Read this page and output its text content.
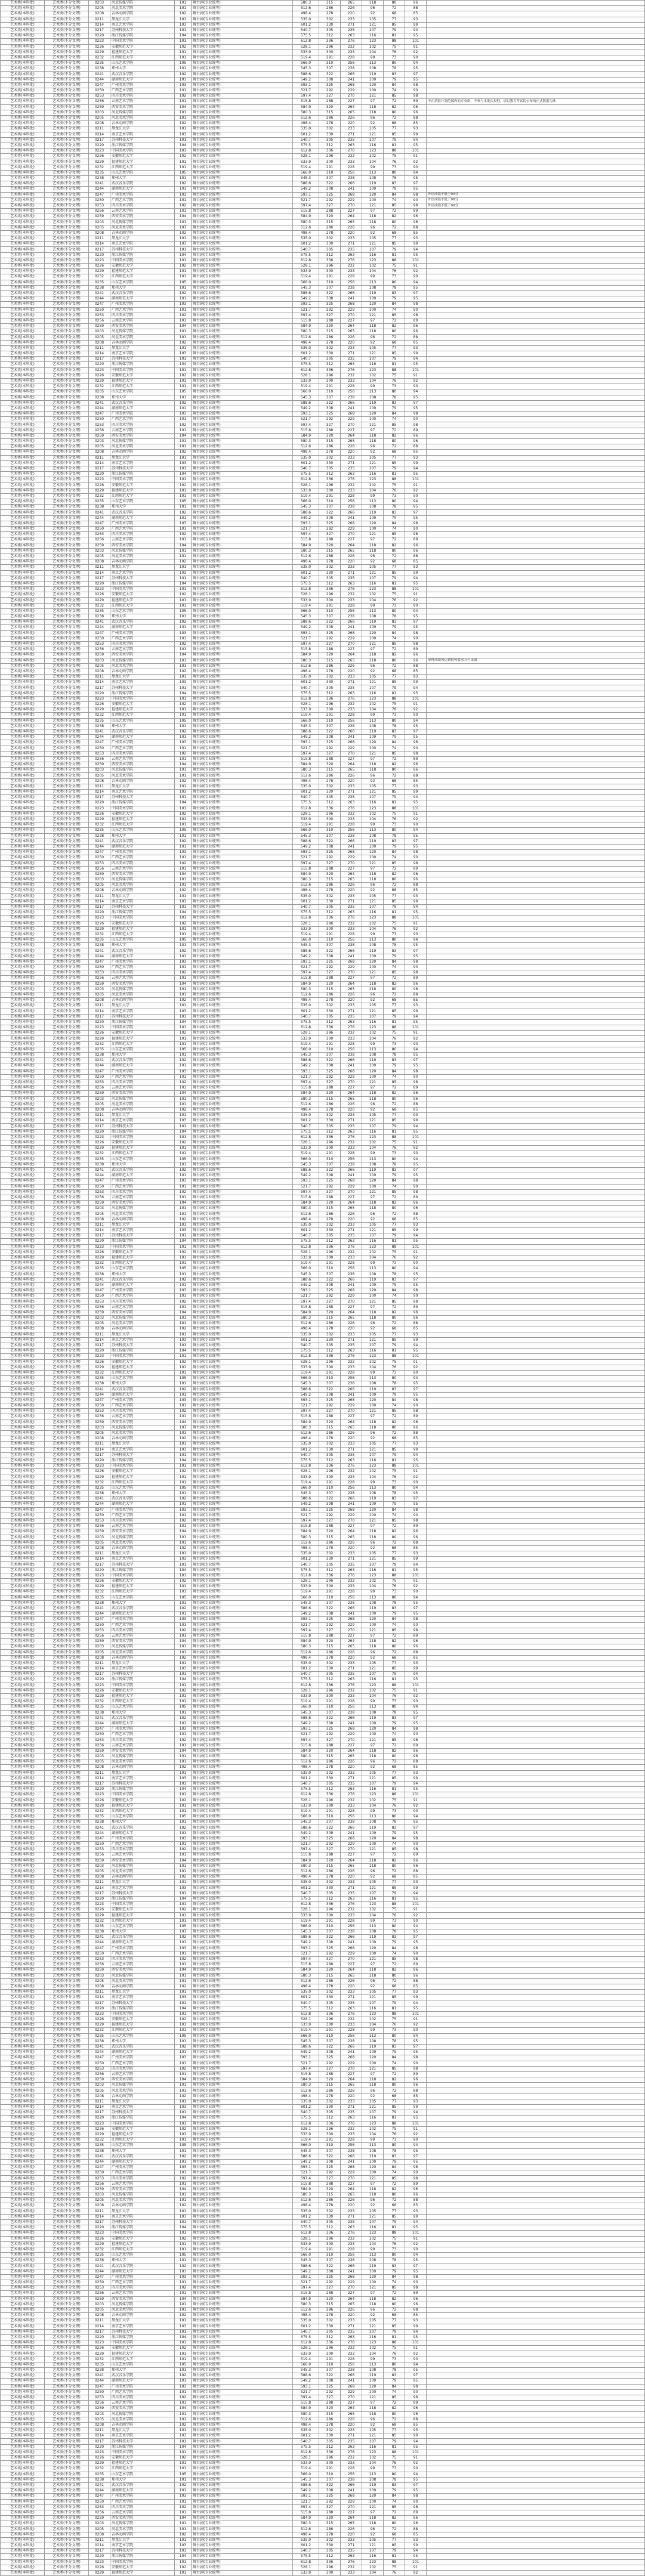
艺术类(本科批)	艺术类(不分文理)	0203	河北传媒学院	101	舞台剧(专业统考)	580.3	315	265	118	80	96	
艺术类(本科批)	艺术类(不分文理)	0205	河北美术学院	101	舞台剧(专业统考)	512.6	286	226	96	72	88	
艺术类(本科批)	艺术类(不分文理)	0208	吉林动画学院	102	舞台剧(专业统考)	498.4	278	220	92	68	85	
艺术类(本科批)	艺术类(不分文理)	0211	黑龙江大学	101	舞台剧(专业统考)	535.0	302	233	105	77	93	
艺术类(本科批)	艺术类(不分文理)	0214	南京艺术学院	103	舞台剧(专业统考)	601.2	330	271	121	85	99	
艺术类(本科批)	艺术类(不分文理)	0217	苏州科技大学	101	舞台剧(专业统考)	540.7	305	235	107	79	94	
艺术类(本科批)	艺术类(不分文理)	0220	浙江传媒学院	104	舞台剧(专业统考)	575.5	312	263	116	81	95	
艺术类(本科批)	艺术类(不分文理)	0223	中国美术学院	101	舞台剧(专业统考)	612.8	336	276	123	88	101	
艺术类(本科批)	艺术类(不分文理)	0226	安徽师范大学	102	舞台剧(专业统考)	528.1	296	232	102	75	91	
艺术类(本科批)	艺术类(不分文理)	0229	福建师范大学	101	舞台剧(专业统考)	533.9	300	233	104	76	92	
艺术类(本科批)	艺术类(不分文理)	0232	江西师范大学	101	舞台剧(专业统考)	519.4	291	228	99	73	90	
艺术类(本科批)	艺术类(不分文理)	0235	山东艺术学院	105	舞台剧(专业统考)	566.0	310	256	113	80	94	
艺术类(本科批)	艺术类(不分文理)	0238	郑州大学	101	舞台剧(专业统考)	545.3	307	238	108	78	95	
艺术类(本科批)	艺术类(不分文理)	0241	武汉音乐学院	102	舞台剧(专业统考)	588.6	322	266	119	83	97	
艺术类(本科批)	艺术类(不分文理)	0244	湖南师范大学	101	舞台剧(专业统考)	549.2	308	241	109	79	95	
艺术类(本科批)	艺术类(不分文理)	0247	广州美术学院	103	舞台剧(专业统考)	593.1	325	268	120	84	98	
艺术类(本科批)	艺术类(不分文理)	0250	广西艺术学院	101	舞台剧(专业统考)	521.7	292	229	100	74	90	
艺术类(本科批)	艺术类(不分文理)	0253	四川美术学院	102	舞台剧(专业统考)	597.4	327	270	121	85	98	
艺术类(本科批)	艺术类(不分文理)	0256	云南艺术学院	101	舞台剧(专业统考)	515.8	288	227	97	72	89	不在填报计划范围内的专业组，不参与本批次投档，请以教育考试院公布的正式数据为准
艺术类(本科批)	艺术类(不分文理)	0259	西安美术学院	104	舞台剧(专业统考)	584.9	320	264	118	82	96	
艺术类(本科批)	艺术类(不分文理)	0203	河北传媒学院	101	舞台剧(专业统考)	580.3	315	265	118	80	96	
艺术类(本科批)	艺术类(不分文理)	0205	河北美术学院	101	舞台剧(专业统考)	512.6	286	226	96	72	88	
艺术类(本科批)	艺术类(不分文理)	0208	吉林动画学院	102	舞台剧(专业统考)	498.4	278	220	92	68	85	
艺术类(本科批)	艺术类(不分文理)	0211	黑龙江大学	101	舞台剧(专业统考)	535.0	302	233	105	77	93	
艺术类(本科批)	艺术类(不分文理)	0214	南京艺术学院	103	舞台剧(专业统考)	601.2	330	271	121	85	99	
艺术类(本科批)	艺术类(不分文理)	0217	苏州科技大学	101	舞台剧(专业统考)	540.7	305	235	107	79	94	
艺术类(本科批)	艺术类(不分文理)	0220	浙江传媒学院	104	舞台剧(专业统考)	575.5	312	263	116	81	95	
艺术类(本科批)	艺术类(不分文理)	0223	中国美术学院	101	舞台剧(专业统考)	612.8	336	276	123	88	101	
艺术类(本科批)	艺术类(不分文理)	0226	安徽师范大学	102	舞台剧(专业统考)	528.1	296	232	102	75	91	
艺术类(本科批)	艺术类(不分文理)	0229	福建师范大学	101	舞台剧(专业统考)	533.9	300	233	104	76	92	
艺术类(本科批)	艺术类(不分文理)	0232	江西师范大学	101	舞台剧(专业统考)	519.4	291	228	99	73	90	
艺术类(本科批)	艺术类(不分文理)	0235	山东艺术学院	105	舞台剧(专业统考)	566.0	310	256	113	80	94	
艺术类(本科批)	艺术类(不分文理)	0238	郑州大学	101	舞台剧(专业统考)	545.3	307	238	108	78	95	
艺术类(本科批)	艺术类(不分文理)	0241	武汉音乐学院	102	舞台剧(专业统考)	588.6	322	266	119	83	97	
艺术类(本科批)	艺术类(不分文理)	0244	湖南师范大学	101	舞台剧(专业统考)	549.2	308	241	109	79	95	
艺术类(本科批)	艺术类(不分文理)	0247	广州美术学院	103	舞台剧(专业统考)	593.1	325	268	120	84	98	外语成绩不低于90分
艺术类(本科批)	艺术类(不分文理)	0250	广西艺术学院	101	舞台剧(专业统考)	521.7	292	229	100	74	90	外语成绩不低于90分
艺术类(本科批)	艺术类(不分文理)	0253	四川美术学院	102	舞台剧(专业统考)	597.4	327	270	121	85	98	外语成绩不低于90分
艺术类(本科批)	艺术类(不分文理)	0256	云南艺术学院	101	舞台剧(专业统考)	515.8	288	227	97	72	89	
艺术类(本科批)	艺术类(不分文理)	0259	西安美术学院	104	舞台剧(专业统考)	584.9	320	264	118	82	96	
艺术类(本科批)	艺术类(不分文理)	0203	河北传媒学院	101	舞台剧(专业统考)	580.3	315	265	118	80	96	
艺术类(本科批)	艺术类(不分文理)	0205	河北美术学院	101	舞台剧(专业统考)	512.6	286	226	96	72	88	
艺术类(本科批)	艺术类(不分文理)	0208	吉林动画学院	102	舞台剧(专业统考)	498.4	278	220	92	68	85	
艺术类(本科批)	艺术类(不分文理)	0211	黑龙江大学	101	舞台剧(专业统考)	535.0	302	233	105	77	93	
艺术类(本科批)	艺术类(不分文理)	0214	南京艺术学院	103	舞台剧(专业统考)	601.2	330	271	121	85	99	
艺术类(本科批)	艺术类(不分文理)	0217	苏州科技大学	101	舞台剧(专业统考)	540.7	305	235	107	79	94	
艺术类(本科批)	艺术类(不分文理)	0220	浙江传媒学院	104	舞台剧(专业统考)	575.5	312	263	116	81	95	
艺术类(本科批)	艺术类(不分文理)	0223	中国美术学院	101	舞台剧(专业统考)	612.8	336	276	123	88	101	
艺术类(本科批)	艺术类(不分文理)	0226	安徽师范大学	102	舞台剧(专业统考)	528.1	296	232	102	75	91	
艺术类(本科批)	艺术类(不分文理)	0229	福建师范大学	101	舞台剧(专业统考)	533.9	300	233	104	76	92	
艺术类(本科批)	艺术类(不分文理)	0232	江西师范大学	101	舞台剧(专业统考)	519.4	291	228	99	73	90	
艺术类(本科批)	艺术类(不分文理)	0235	山东艺术学院	105	舞台剧(专业统考)	566.0	310	256	113	80	94	
艺术类(本科批)	艺术类(不分文理)	0238	郑州大学	101	舞台剧(专业统考)	545.3	307	238	108	78	95	
艺术类(本科批)	艺术类(不分文理)	0241	武汉音乐学院	102	舞台剧(专业统考)	588.6	322	266	119	83	97	
艺术类(本科批)	艺术类(不分文理)	0244	湖南师范大学	101	舞台剧(专业统考)	549.2	308	241	109	79	95	
艺术类(本科批)	艺术类(不分文理)	0247	广州美术学院	103	舞台剧(专业统考)	593.1	325	268	120	84	98	
艺术类(本科批)	艺术类(不分文理)	0250	广西艺术学院	101	舞台剧(专业统考)	521.7	292	229	100	74	90	
艺术类(本科批)	艺术类(不分文理)	0253	四川美术学院	102	舞台剧(专业统考)	597.4	327	270	121	85	98	
艺术类(本科批)	艺术类(不分文理)	0256	云南艺术学院	101	舞台剧(专业统考)	515.8	288	227	97	72	89	
艺术类(本科批)	艺术类(不分文理)	0259	西安美术学院	104	舞台剧(专业统考)	584.9	320	264	118	82	96	
艺术类(本科批)	艺术类(不分文理)	0203	河北传媒学院	101	舞台剧(专业统考)	580.3	315	265	118	80	96	
艺术类(本科批)	艺术类(不分文理)	0205	河北美术学院	101	舞台剧(专业统考)	512.6	286	226	96	72	88	
艺术类(本科批)	艺术类(不分文理)	0208	吉林动画学院	102	舞台剧(专业统考)	498.4	278	220	92	68	85	
艺术类(本科批)	艺术类(不分文理)	0211	黑龙江大学	101	舞台剧(专业统考)	535.0	302	233	105	77	93	
艺术类(本科批)	艺术类(不分文理)	0214	南京艺术学院	103	舞台剧(专业统考)	601.2	330	271	121	85	99	
艺术类(本科批)	艺术类(不分文理)	0217	苏州科技大学	101	舞台剧(专业统考)	540.7	305	235	107	79	94	
艺术类(本科批)	艺术类(不分文理)	0220	浙江传媒学院	104	舞台剧(专业统考)	575.5	312	263	116	81	95	
艺术类(本科批)	艺术类(不分文理)	0223	中国美术学院	101	舞台剧(专业统考)	612.8	336	276	123	88	101	
艺术类(本科批)	艺术类(不分文理)	0226	安徽师范大学	102	舞台剧(专业统考)	528.1	296	232	102	75	91	
艺术类(本科批)	艺术类(不分文理)	0229	福建师范大学	101	舞台剧(专业统考)	533.9	300	233	104	76	92	
艺术类(本科批)	艺术类(不分文理)	0232	江西师范大学	101	舞台剧(专业统考)	519.4	291	228	99	73	90	
艺术类(本科批)	艺术类(不分文理)	0235	山东艺术学院	105	舞台剧(专业统考)	566.0	310	256	113	80	94	
艺术类(本科批)	艺术类(不分文理)	0238	郑州大学	101	舞台剧(专业统考)	545.3	307	238	108	78	95	
艺术类(本科批)	艺术类(不分文理)	0241	武汉音乐学院	102	舞台剧(专业统考)	588.6	322	266	119	83	97	
艺术类(本科批)	艺术类(不分文理)	0244	湖南师范大学	101	舞台剧(专业统考)	549.2	308	241	109	79	95	
艺术类(本科批)	艺术类(不分文理)	0247	广州美术学院	103	舞台剧(专业统考)	593.1	325	268	120	84	98	
艺术类(本科批)	艺术类(不分文理)	0250	广西艺术学院	101	舞台剧(专业统考)	521.7	292	229	100	74	90	
艺术类(本科批)	艺术类(不分文理)	0253	四川美术学院	102	舞台剧(专业统考)	597.4	327	270	121	85	98	
艺术类(本科批)	艺术类(不分文理)	0256	云南艺术学院	101	舞台剧(专业统考)	515.8	288	227	97	72	89	
艺术类(本科批)	艺术类(不分文理)	0259	西安美术学院	104	舞台剧(专业统考)	584.9	320	264	118	82	96	
艺术类(本科批)	艺术类(不分文理)	0203	河北传媒学院	101	舞台剧(专业统考)	580.3	315	265	118	80	96	
艺术类(本科批)	艺术类(不分文理)	0205	河北美术学院	101	舞台剧(专业统考)	512.6	286	226	96	72	88	
艺术类(本科批)	艺术类(不分文理)	0208	吉林动画学院	102	舞台剧(专业统考)	498.4	278	220	92	68	85	
艺术类(本科批)	艺术类(不分文理)	0211	黑龙江大学	101	舞台剧(专业统考)	535.0	302	233	105	77	93	
艺术类(本科批)	艺术类(不分文理)	0214	南京艺术学院	103	舞台剧(专业统考)	601.2	330	271	121	85	99	
艺术类(本科批)	艺术类(不分文理)	0217	苏州科技大学	101	舞台剧(专业统考)	540.7	305	235	107	79	94	
艺术类(本科批)	艺术类(不分文理)	0220	浙江传媒学院	104	舞台剧(专业统考)	575.5	312	263	116	81	95	
艺术类(本科批)	艺术类(不分文理)	0223	中国美术学院	101	舞台剧(专业统考)	612.8	336	276	123	88	101	
艺术类(本科批)	艺术类(不分文理)	0226	安徽师范大学	102	舞台剧(专业统考)	528.1	296	232	102	75	91	
艺术类(本科批)	艺术类(不分文理)	0229	福建师范大学	101	舞台剧(专业统考)	533.9	300	233	104	76	92	
艺术类(本科批)	艺术类(不分文理)	0232	江西师范大学	101	舞台剧(专业统考)	519.4	291	228	99	73	90	
艺术类(本科批)	艺术类(不分文理)	0235	山东艺术学院	105	舞台剧(专业统考)	566.0	310	256	113	80	94	
艺术类(本科批)	艺术类(不分文理)	0238	郑州大学	101	舞台剧(专业统考)	545.3	307	238	108	78	95	
艺术类(本科批)	艺术类(不分文理)	0241	武汉音乐学院	102	舞台剧(专业统考)	588.6	322	266	119	83	97	
艺术类(本科批)	艺术类(不分文理)	0244	湖南师范大学	101	舞台剧(专业统考)	549.2	308	241	109	79	95	
艺术类(本科批)	艺术类(不分文理)	0247	广州美术学院	103	舞台剧(专业统考)	593.1	325	268	120	84	98	
艺术类(本科批)	艺术类(不分文理)	0250	广西艺术学院	101	舞台剧(专业统考)	521.7	292	229	100	74	90	
艺术类(本科批)	艺术类(不分文理)	0253	四川美术学院	102	舞台剧(专业统考)	597.4	327	270	121	85	98	
艺术类(本科批)	艺术类(不分文理)	0256	云南艺术学院	101	舞台剧(专业统考)	515.8	288	227	97	72	89	
艺术类(本科批)	艺术类(不分文理)	0259	西安美术学院	104	舞台剧(专业统考)	584.9	320	264	118	82	96	
艺术类(本科批)	艺术类(不分文理)	0203	河北传媒学院	101	舞台剧(专业统考)	580.3	315	265	118	80	96	
艺术类(本科批)	艺术类(不分文理)	0205	河北美术学院	101	舞台剧(专业统考)	512.6	286	226	96	72	88	
艺术类(本科批)	艺术类(不分文理)	0208	吉林动画学院	102	舞台剧(专业统考)	498.4	278	220	92	68	85	
艺术类(本科批)	艺术类(不分文理)	0211	黑龙江大学	101	舞台剧(专业统考)	535.0	302	233	105	77	93	
艺术类(本科批)	艺术类(不分文理)	0214	南京艺术学院	103	舞台剧(专业统考)	601.2	330	271	121	85	99	
艺术类(本科批)	艺术类(不分文理)	0217	苏州科技大学	101	舞台剧(专业统考)	540.7	305	235	107	79	94	
艺术类(本科批)	艺术类(不分文理)	0220	浙江传媒学院	104	舞台剧(专业统考)	575.5	312	263	116	81	95	
艺术类(本科批)	艺术类(不分文理)	0223	中国美术学院	101	舞台剧(专业统考)	612.8	336	276	123	88	101	
艺术类(本科批)	艺术类(不分文理)	0226	安徽师范大学	102	舞台剧(专业统考)	528.1	296	232	102	75	91	
艺术类(本科批)	艺术类(不分文理)	0229	福建师范大学	101	舞台剧(专业统考)	533.9	300	233	104	76	92	
艺术类(本科批)	艺术类(不分文理)	0232	江西师范大学	101	舞台剧(专业统考)	519.4	291	228	99	73	90	
艺术类(本科批)	艺术类(不分文理)	0235	山东艺术学院	105	舞台剧(专业统考)	566.0	310	256	113	80	94	
艺术类(本科批)	艺术类(不分文理)	0238	郑州大学	101	舞台剧(专业统考)	545.3	307	238	108	78	95	
艺术类(本科批)	艺术类(不分文理)	0241	武汉音乐学院	102	舞台剧(专业统考)	588.6	322	266	119	83	97	
艺术类(本科批)	艺术类(不分文理)	0244	湖南师范大学	101	舞台剧(专业统考)	549.2	308	241	109	79	95	
艺术类(本科批)	艺术类(不分文理)	0247	广州美术学院	103	舞台剧(专业统考)	593.1	325	268	120	84	98	
艺术类(本科批)	艺术类(不分文理)	0250	广西艺术学院	101	舞台剧(专业统考)	521.7	292	229	100	74	90	
艺术类(本科批)	艺术类(不分文理)	0253	四川美术学院	102	舞台剧(专业统考)	597.4	327	270	121	85	98	
艺术类(本科批)	艺术类(不分文理)	0256	云南艺术学院	101	舞台剧(专业统考)	515.8	288	227	97	72	89	
艺术类(本科批)	艺术类(不分文理)	0259	西安美术学院	104	舞台剧(专业统考)	584.9	320	264	118	82	96	
艺术类(本科批)	艺术类(不分文理)	0203	河北传媒学院	101	舞台剧(专业统考)	580.3	315	265	118	80	96	单科成绩须达到院校要求方可录取
艺术类(本科批)	艺术类(不分文理)	0205	河北美术学院	101	舞台剧(专业统考)	512.6	286	226	96	72	88	
艺术类(本科批)	艺术类(不分文理)	0208	吉林动画学院	102	舞台剧(专业统考)	498.4	278	220	92	68	85	
艺术类(本科批)	艺术类(不分文理)	0211	黑龙江大学	101	舞台剧(专业统考)	535.0	302	233	105	77	93	
艺术类(本科批)	艺术类(不分文理)	0214	南京艺术学院	103	舞台剧(专业统考)	601.2	330	271	121	85	99	
艺术类(本科批)	艺术类(不分文理)	0217	苏州科技大学	101	舞台剧(专业统考)	540.7	305	235	107	79	94	
艺术类(本科批)	艺术类(不分文理)	0220	浙江传媒学院	104	舞台剧(专业统考)	575.5	312	263	116	81	95	
艺术类(本科批)	艺术类(不分文理)	0223	中国美术学院	101	舞台剧(专业统考)	612.8	336	276	123	88	101	
艺术类(本科批)	艺术类(不分文理)	0226	安徽师范大学	102	舞台剧(专业统考)	528.1	296	232	102	75	91	
艺术类(本科批)	艺术类(不分文理)	0229	福建师范大学	101	舞台剧(专业统考)	533.9	300	233	104	76	92	
艺术类(本科批)	艺术类(不分文理)	0232	江西师范大学	101	舞台剧(专业统考)	519.4	291	228	99	73	90	
艺术类(本科批)	艺术类(不分文理)	0235	山东艺术学院	105	舞台剧(专业统考)	566.0	310	256	113	80	94	
艺术类(本科批)	艺术类(不分文理)	0238	郑州大学	101	舞台剧(专业统考)	545.3	307	238	108	78	95	
艺术类(本科批)	艺术类(不分文理)	0241	武汉音乐学院	102	舞台剧(专业统考)	588.6	322	266	119	83	97	
艺术类(本科批)	艺术类(不分文理)	0244	湖南师范大学	101	舞台剧(专业统考)	549.2	308	241	109	79	95	
艺术类(本科批)	艺术类(不分文理)	0247	广州美术学院	103	舞台剧(专业统考)	593.1	325	268	120	84	98	
艺术类(本科批)	艺术类(不分文理)	0250	广西艺术学院	101	舞台剧(专业统考)	521.7	292	229	100	74	90	
艺术类(本科批)	艺术类(不分文理)	0253	四川美术学院	102	舞台剧(专业统考)	597.4	327	270	121	85	98	
艺术类(本科批)	艺术类(不分文理)	0256	云南艺术学院	101	舞台剧(专业统考)	515.8	288	227	97	72	89	
艺术类(本科批)	艺术类(不分文理)	0259	西安美术学院	104	舞台剧(专业统考)	584.9	320	264	118	82	96	
艺术类(本科批)	艺术类(不分文理)	0203	河北传媒学院	101	舞台剧(专业统考)	580.3	315	265	118	80	96	
艺术类(本科批)	艺术类(不分文理)	0205	河北美术学院	101	舞台剧(专业统考)	512.6	286	226	96	72	88	
艺术类(本科批)	艺术类(不分文理)	0208	吉林动画学院	102	舞台剧(专业统考)	498.4	278	220	92	68	85	
艺术类(本科批)	艺术类(不分文理)	0211	黑龙江大学	101	舞台剧(专业统考)	535.0	302	233	105	77	93	
艺术类(本科批)	艺术类(不分文理)	0214	南京艺术学院	103	舞台剧(专业统考)	601.2	330	271	121	85	99	
艺术类(本科批)	艺术类(不分文理)	0217	苏州科技大学	101	舞台剧(专业统考)	540.7	305	235	107	79	94	
艺术类(本科批)	艺术类(不分文理)	0220	浙江传媒学院	104	舞台剧(专业统考)	575.5	312	263	116	81	95	
艺术类(本科批)	艺术类(不分文理)	0223	中国美术学院	101	舞台剧(专业统考)	612.8	336	276	123	88	101	
艺术类(本科批)	艺术类(不分文理)	0226	安徽师范大学	102	舞台剧(专业统考)	528.1	296	232	102	75	91	
艺术类(本科批)	艺术类(不分文理)	0229	福建师范大学	101	舞台剧(专业统考)	533.9	300	233	104	76	92	
艺术类(本科批)	艺术类(不分文理)	0232	江西师范大学	101	舞台剧(专业统考)	519.4	291	228	99	73	90	
艺术类(本科批)	艺术类(不分文理)	0235	山东艺术学院	105	舞台剧(专业统考)	566.0	310	256	113	80	94	
艺术类(本科批)	艺术类(不分文理)	0238	郑州大学	101	舞台剧(专业统考)	545.3	307	238	108	78	95	
艺术类(本科批)	艺术类(不分文理)	0241	武汉音乐学院	102	舞台剧(专业统考)	588.6	322	266	119	83	97	
艺术类(本科批)	艺术类(不分文理)	0244	湖南师范大学	101	舞台剧(专业统考)	549.2	308	241	109	79	95	
艺术类(本科批)	艺术类(不分文理)	0247	广州美术学院	103	舞台剧(专业统考)	593.1	325	268	120	84	98	
艺术类(本科批)	艺术类(不分文理)	0250	广西艺术学院	101	舞台剧(专业统考)	521.7	292	229	100	74	90	
艺术类(本科批)	艺术类(不分文理)	0253	四川美术学院	102	舞台剧(专业统考)	597.4	327	270	121	85	98	
艺术类(本科批)	艺术类(不分文理)	0256	云南艺术学院	101	舞台剧(专业统考)	515.8	288	227	97	72	89	
艺术类(本科批)	艺术类(不分文理)	0259	西安美术学院	104	舞台剧(专业统考)	584.9	320	264	118	82	96	
艺术类(本科批)	艺术类(不分文理)	0203	河北传媒学院	101	舞台剧(专业统考)	580.3	315	265	118	80	96	
艺术类(本科批)	艺术类(不分文理)	0205	河北美术学院	101	舞台剧(专业统考)	512.6	286	226	96	72	88	
艺术类(本科批)	艺术类(不分文理)	0208	吉林动画学院	102	舞台剧(专业统考)	498.4	278	220	92	68	85	
艺术类(本科批)	艺术类(不分文理)	0211	黑龙江大学	101	舞台剧(专业统考)	535.0	302	233	105	77	93	
艺术类(本科批)	艺术类(不分文理)	0214	南京艺术学院	103	舞台剧(专业统考)	601.2	330	271	121	85	99	
艺术类(本科批)	艺术类(不分文理)	0217	苏州科技大学	101	舞台剧(专业统考)	540.7	305	235	107	79	94	
艺术类(本科批)	艺术类(不分文理)	0220	浙江传媒学院	104	舞台剧(专业统考)	575.5	312	263	116	81	95	
艺术类(本科批)	艺术类(不分文理)	0223	中国美术学院	101	舞台剧(专业统考)	612.8	336	276	123	88	101	
艺术类(本科批)	艺术类(不分文理)	0226	安徽师范大学	102	舞台剧(专业统考)	528.1	296	232	102	75	91	
艺术类(本科批)	艺术类(不分文理)	0229	福建师范大学	101	舞台剧(专业统考)	533.9	300	233	104	76	92	
艺术类(本科批)	艺术类(不分文理)	0232	江西师范大学	101	舞台剧(专业统考)	519.4	291	228	99	73	90	
艺术类(本科批)	艺术类(不分文理)	0235	山东艺术学院	105	舞台剧(专业统考)	566.0	310	256	113	80	94	
艺术类(本科批)	艺术类(不分文理)	0238	郑州大学	101	舞台剧(专业统考)	545.3	307	238	108	78	95	
艺术类(本科批)	艺术类(不分文理)	0241	武汉音乐学院	102	舞台剧(专业统考)	588.6	322	266	119	83	97	
艺术类(本科批)	艺术类(不分文理)	0244	湖南师范大学	101	舞台剧(专业统考)	549.2	308	241	109	79	95	
艺术类(本科批)	艺术类(不分文理)	0247	广州美术学院	103	舞台剧(专业统考)	593.1	325	268	120	84	98	
艺术类(本科批)	艺术类(不分文理)	0250	广西艺术学院	101	舞台剧(专业统考)	521.7	292	229	100	74	90	
艺术类(本科批)	艺术类(不分文理)	0253	四川美术学院	102	舞台剧(专业统考)	597.4	327	270	121	85	98	
艺术类(本科批)	艺术类(不分文理)	0256	云南艺术学院	101	舞台剧(专业统考)	515.8	288	227	97	72	89	
艺术类(本科批)	艺术类(不分文理)	0259	西安美术学院	104	舞台剧(专业统考)	584.9	320	264	118	82	96	
艺术类(本科批)	艺术类(不分文理)	0203	河北传媒学院	101	舞台剧(专业统考)	580.3	315	265	118	80	96	
艺术类(本科批)	艺术类(不分文理)	0205	河北美术学院	101	舞台剧(专业统考)	512.6	286	226	96	72	88	
艺术类(本科批)	艺术类(不分文理)	0208	吉林动画学院	102	舞台剧(专业统考)	498.4	278	220	92	68	85	
艺术类(本科批)	艺术类(不分文理)	0211	黑龙江大学	101	舞台剧(专业统考)	535.0	302	233	105	77	93	
艺术类(本科批)	艺术类(不分文理)	0214	南京艺术学院	103	舞台剧(专业统考)	601.2	330	271	121	85	99	
艺术类(本科批)	艺术类(不分文理)	0217	苏州科技大学	101	舞台剧(专业统考)	540.7	305	235	107	79	94	
艺术类(本科批)	艺术类(不分文理)	0220	浙江传媒学院	104	舞台剧(专业统考)	575.5	312	263	116	81	95	
艺术类(本科批)	艺术类(不分文理)	0223	中国美术学院	101	舞台剧(专业统考)	612.8	336	276	123	88	101	
艺术类(本科批)	艺术类(不分文理)	0226	安徽师范大学	102	舞台剧(专业统考)	528.1	296	232	102	75	91	
艺术类(本科批)	艺术类(不分文理)	0229	福建师范大学	101	舞台剧(专业统考)	533.9	300	233	104	76	92	
艺术类(本科批)	艺术类(不分文理)	0232	江西师范大学	101	舞台剧(专业统考)	519.4	291	228	99	73	90	
艺术类(本科批)	艺术类(不分文理)	0235	山东艺术学院	105	舞台剧(专业统考)	566.0	310	256	113	80	94	
艺术类(本科批)	艺术类(不分文理)	0238	郑州大学	101	舞台剧(专业统考)	545.3	307	238	108	78	95	
艺术类(本科批)	艺术类(不分文理)	0241	武汉音乐学院	102	舞台剧(专业统考)	588.6	322	266	119	83	97	
艺术类(本科批)	艺术类(不分文理)	0244	湖南师范大学	101	舞台剧(专业统考)	549.2	308	241	109	79	95	
艺术类(本科批)	艺术类(不分文理)	0247	广州美术学院	103	舞台剧(专业统考)	593.1	325	268	120	84	98	
艺术类(本科批)	艺术类(不分文理)	0250	广西艺术学院	101	舞台剧(专业统考)	521.7	292	229	100	74	90	
艺术类(本科批)	艺术类(不分文理)	0253	四川美术学院	102	舞台剧(专业统考)	597.4	327	270	121	85	98	
艺术类(本科批)	艺术类(不分文理)	0256	云南艺术学院	101	舞台剧(专业统考)	515.8	288	227	97	72	89	
艺术类(本科批)	艺术类(不分文理)	0259	西安美术学院	104	舞台剧(专业统考)	584.9	320	264	118	82	96	
艺术类(本科批)	艺术类(不分文理)	0203	河北传媒学院	101	舞台剧(专业统考)	580.3	315	265	118	80	96	
艺术类(本科批)	艺术类(不分文理)	0205	河北美术学院	101	舞台剧(专业统考)	512.6	286	226	96	72	88	
艺术类(本科批)	艺术类(不分文理)	0208	吉林动画学院	102	舞台剧(专业统考)	498.4	278	220	92	68	85	
艺术类(本科批)	艺术类(不分文理)	0211	黑龙江大学	101	舞台剧(专业统考)	535.0	302	233	105	77	93	
艺术类(本科批)	艺术类(不分文理)	0214	南京艺术学院	103	舞台剧(专业统考)	601.2	330	271	121	85	99	
艺术类(本科批)	艺术类(不分文理)	0217	苏州科技大学	101	舞台剧(专业统考)	540.7	305	235	107	79	94	
艺术类(本科批)	艺术类(不分文理)	0220	浙江传媒学院	104	舞台剧(专业统考)	575.5	312	263	116	81	95	
艺术类(本科批)	艺术类(不分文理)	0223	中国美术学院	101	舞台剧(专业统考)	612.8	336	276	123	88	101	
艺术类(本科批)	艺术类(不分文理)	0226	安徽师范大学	102	舞台剧(专业统考)	528.1	296	232	102	75	91	
艺术类(本科批)	艺术类(不分文理)	0229	福建师范大学	101	舞台剧(专业统考)	533.9	300	233	104	76	92	
艺术类(本科批)	艺术类(不分文理)	0232	江西师范大学	101	舞台剧(专业统考)	519.4	291	228	99	73	90	
艺术类(本科批)	艺术类(不分文理)	0235	山东艺术学院	105	舞台剧(专业统考)	566.0	310	256	113	80	94	
艺术类(本科批)	艺术类(不分文理)	0238	郑州大学	101	舞台剧(专业统考)	545.3	307	238	108	78	95	
艺术类(本科批)	艺术类(不分文理)	0241	武汉音乐学院	102	舞台剧(专业统考)	588.6	322	266	119	83	97	
艺术类(本科批)	艺术类(不分文理)	0244	湖南师范大学	101	舞台剧(专业统考)	549.2	308	241	109	79	95	
艺术类(本科批)	艺术类(不分文理)	0247	广州美术学院	103	舞台剧(专业统考)	593.1	325	268	120	84	98	
艺术类(本科批)	艺术类(不分文理)	0250	广西艺术学院	101	舞台剧(专业统考)	521.7	292	229	100	74	90	
艺术类(本科批)	艺术类(不分文理)	0253	四川美术学院	102	舞台剧(专业统考)	597.4	327	270	121	85	98	
艺术类(本科批)	艺术类(不分文理)	0256	云南艺术学院	101	舞台剧(专业统考)	515.8	288	227	97	72	89	
艺术类(本科批)	艺术类(不分文理)	0259	西安美术学院	104	舞台剧(专业统考)	584.9	320	264	118	82	96	
艺术类(本科批)	艺术类(不分文理)	0203	河北传媒学院	101	舞台剧(专业统考)	580.3	315	265	118	80	96	
艺术类(本科批)	艺术类(不分文理)	0205	河北美术学院	101	舞台剧(专业统考)	512.6	286	226	96	72	88	
艺术类(本科批)	艺术类(不分文理)	0208	吉林动画学院	102	舞台剧(专业统考)	498.4	278	220	92	68	85	
艺术类(本科批)	艺术类(不分文理)	0211	黑龙江大学	101	舞台剧(专业统考)	535.0	302	233	105	77	93	
艺术类(本科批)	艺术类(不分文理)	0214	南京艺术学院	103	舞台剧(专业统考)	601.2	330	271	121	85	99	
艺术类(本科批)	艺术类(不分文理)	0217	苏州科技大学	101	舞台剧(专业统考)	540.7	305	235	107	79	94	
艺术类(本科批)	艺术类(不分文理)	0220	浙江传媒学院	104	舞台剧(专业统考)	575.5	312	263	116	81	95	
艺术类(本科批)	艺术类(不分文理)	0223	中国美术学院	101	舞台剧(专业统考)	612.8	336	276	123	88	101	
艺术类(本科批)	艺术类(不分文理)	0226	安徽师范大学	102	舞台剧(专业统考)	528.1	296	232	102	75	91	
艺术类(本科批)	艺术类(不分文理)	0229	福建师范大学	101	舞台剧(专业统考)	533.9	300	233	104	76	92	
艺术类(本科批)	艺术类(不分文理)	0232	江西师范大学	101	舞台剧(专业统考)	519.4	291	228	99	73	90	
艺术类(本科批)	艺术类(不分文理)	0235	山东艺术学院	105	舞台剧(专业统考)	566.0	310	256	113	80	94	
艺术类(本科批)	艺术类(不分文理)	0238	郑州大学	101	舞台剧(专业统考)	545.3	307	238	108	78	95	
艺术类(本科批)	艺术类(不分文理)	0241	武汉音乐学院	102	舞台剧(专业统考)	588.6	322	266	119	83	97	
艺术类(本科批)	艺术类(不分文理)	0244	湖南师范大学	101	舞台剧(专业统考)	549.2	308	241	109	79	95	
艺术类(本科批)	艺术类(不分文理)	0247	广州美术学院	103	舞台剧(专业统考)	593.1	325	268	120	84	98	
艺术类(本科批)	艺术类(不分文理)	0250	广西艺术学院	101	舞台剧(专业统考)	521.7	292	229	100	74	90	
艺术类(本科批)	艺术类(不分文理)	0253	四川美术学院	102	舞台剧(专业统考)	597.4	327	270	121	85	98	
艺术类(本科批)	艺术类(不分文理)	0256	云南艺术学院	101	舞台剧(专业统考)	515.8	288	227	97	72	89	
艺术类(本科批)	艺术类(不分文理)	0259	西安美术学院	104	舞台剧(专业统考)	584.9	320	264	118	82	96	
艺术类(本科批)	艺术类(不分文理)	0203	河北传媒学院	101	舞台剧(专业统考)	580.3	315	265	118	80	96	
艺术类(本科批)	艺术类(不分文理)	0205	河北美术学院	101	舞台剧(专业统考)	512.6	286	226	96	72	88	
艺术类(本科批)	艺术类(不分文理)	0208	吉林动画学院	102	舞台剧(专业统考)	498.4	278	220	92	68	85	
艺术类(本科批)	艺术类(不分文理)	0211	黑龙江大学	101	舞台剧(专业统考)	535.0	302	233	105	77	93	
艺术类(本科批)	艺术类(不分文理)	0214	南京艺术学院	103	舞台剧(专业统考)	601.2	330	271	121	85	99	
艺术类(本科批)	艺术类(不分文理)	0217	苏州科技大学	101	舞台剧(专业统考)	540.7	305	235	107	79	94	
艺术类(本科批)	艺术类(不分文理)	0220	浙江传媒学院	104	舞台剧(专业统考)	575.5	312	263	116	81	95	
艺术类(本科批)	艺术类(不分文理)	0223	中国美术学院	101	舞台剧(专业统考)	612.8	336	276	123	88	101	
艺术类(本科批)	艺术类(不分文理)	0226	安徽师范大学	102	舞台剧(专业统考)	528.1	296	232	102	75	91	
艺术类(本科批)	艺术类(不分文理)	0229	福建师范大学	101	舞台剧(专业统考)	533.9	300	233	104	76	92	
艺术类(本科批)	艺术类(不分文理)	0232	江西师范大学	101	舞台剧(专业统考)	519.4	291	228	99	73	90	
艺术类(本科批)	艺术类(不分文理)	0235	山东艺术学院	105	舞台剧(专业统考)	566.0	310	256	113	80	94	
艺术类(本科批)	艺术类(不分文理)	0238	郑州大学	101	舞台剧(专业统考)	545.3	307	238	108	78	95	
艺术类(本科批)	艺术类(不分文理)	0241	武汉音乐学院	102	舞台剧(专业统考)	588.6	322	266	119	83	97	
艺术类(本科批)	艺术类(不分文理)	0244	湖南师范大学	101	舞台剧(专业统考)	549.2	308	241	109	79	95	
艺术类(本科批)	艺术类(不分文理)	0247	广州美术学院	103	舞台剧(专业统考)	593.1	325	268	120	84	98	
艺术类(本科批)	艺术类(不分文理)	0250	广西艺术学院	101	舞台剧(专业统考)	521.7	292	229	100	74	90	
艺术类(本科批)	艺术类(不分文理)	0253	四川美术学院	102	舞台剧(专业统考)	597.4	327	270	121	85	98	
艺术类(本科批)	艺术类(不分文理)	0256	云南艺术学院	101	舞台剧(专业统考)	515.8	288	227	97	72	89	
艺术类(本科批)	艺术类(不分文理)	0259	西安美术学院	104	舞台剧(专业统考)	584.9	320	264	118	82	96	
艺术类(本科批)	艺术类(不分文理)	0203	河北传媒学院	101	舞台剧(专业统考)	580.3	315	265	118	80	96	
艺术类(本科批)	艺术类(不分文理)	0205	河北美术学院	101	舞台剧(专业统考)	512.6	286	226	96	72	88	
艺术类(本科批)	艺术类(不分文理)	0208	吉林动画学院	102	舞台剧(专业统考)	498.4	278	220	92	68	85	
艺术类(本科批)	艺术类(不分文理)	0211	黑龙江大学	101	舞台剧(专业统考)	535.0	302	233	105	77	93	
艺术类(本科批)	艺术类(不分文理)	0214	南京艺术学院	103	舞台剧(专业统考)	601.2	330	271	121	85	99	
艺术类(本科批)	艺术类(不分文理)	0217	苏州科技大学	101	舞台剧(专业统考)	540.7	305	235	107	79	94	
艺术类(本科批)	艺术类(不分文理)	0220	浙江传媒学院	104	舞台剧(专业统考)	575.5	312	263	116	81	95	
艺术类(本科批)	艺术类(不分文理)	0223	中国美术学院	101	舞台剧(专业统考)	612.8	336	276	123	88	101	
艺术类(本科批)	艺术类(不分文理)	0226	安徽师范大学	102	舞台剧(专业统考)	528.1	296	232	102	75	91	
艺术类(本科批)	艺术类(不分文理)	0229	福建师范大学	101	舞台剧(专业统考)	533.9	300	233	104	76	92	
艺术类(本科批)	艺术类(不分文理)	0232	江西师范大学	101	舞台剧(专业统考)	519.4	291	228	99	73	90	
艺术类(本科批)	艺术类(不分文理)	0235	山东艺术学院	105	舞台剧(专业统考)	566.0	310	256	113	80	94	
艺术类(本科批)	艺术类(不分文理)	0238	郑州大学	101	舞台剧(专业统考)	545.3	307	238	108	78	95	
艺术类(本科批)	艺术类(不分文理)	0241	武汉音乐学院	102	舞台剧(专业统考)	588.6	322	266	119	83	97	
艺术类(本科批)	艺术类(不分文理)	0244	湖南师范大学	101	舞台剧(专业统考)	549.2	308	241	109	79	95	
艺术类(本科批)	艺术类(不分文理)	0247	广州美术学院	103	舞台剧(专业统考)	593.1	325	268	120	84	98	
艺术类(本科批)	艺术类(不分文理)	0250	广西艺术学院	101	舞台剧(专业统考)	521.7	292	229	100	74	90	
艺术类(本科批)	艺术类(不分文理)	0253	四川美术学院	102	舞台剧(专业统考)	597.4	327	270	121	85	98	
艺术类(本科批)	艺术类(不分文理)	0256	云南艺术学院	101	舞台剧(专业统考)	515.8	288	227	97	72	89	
艺术类(本科批)	艺术类(不分文理)	0259	西安美术学院	104	舞台剧(专业统考)	584.9	320	264	118	82	96	
艺术类(本科批)	艺术类(不分文理)	0203	河北传媒学院	101	舞台剧(专业统考)	580.3	315	265	118	80	96	
艺术类(本科批)	艺术类(不分文理)	0205	河北美术学院	101	舞台剧(专业统考)	512.6	286	226	96	72	88	
艺术类(本科批)	艺术类(不分文理)	0208	吉林动画学院	102	舞台剧(专业统考)	498.4	278	220	92	68	85	
艺术类(本科批)	艺术类(不分文理)	0211	黑龙江大学	101	舞台剧(专业统考)	535.0	302	233	105	77	93	
艺术类(本科批)	艺术类(不分文理)	0214	南京艺术学院	103	舞台剧(专业统考)	601.2	330	271	121	85	99	
艺术类(本科批)	艺术类(不分文理)	0217	苏州科技大学	101	舞台剧(专业统考)	540.7	305	235	107	79	94	
艺术类(本科批)	艺术类(不分文理)	0220	浙江传媒学院	104	舞台剧(专业统考)	575.5	312	263	116	81	95	
艺术类(本科批)	艺术类(不分文理)	0223	中国美术学院	101	舞台剧(专业统考)	612.8	336	276	123	88	101	
艺术类(本科批)	艺术类(不分文理)	0226	安徽师范大学	102	舞台剧(专业统考)	528.1	296	232	102	75	91	
艺术类(本科批)	艺术类(不分文理)	0229	福建师范大学	101	舞台剧(专业统考)	533.9	300	233	104	76	92	
艺术类(本科批)	艺术类(不分文理)	0232	江西师范大学	101	舞台剧(专业统考)	519.4	291	228	99	73	90	
艺术类(本科批)	艺术类(不分文理)	0235	山东艺术学院	105	舞台剧(专业统考)	566.0	310	256	113	80	94	
艺术类(本科批)	艺术类(不分文理)	0238	郑州大学	101	舞台剧(专业统考)	545.3	307	238	108	78	95	
艺术类(本科批)	艺术类(不分文理)	0241	武汉音乐学院	102	舞台剧(专业统考)	588.6	322	266	119	83	97	
艺术类(本科批)	艺术类(不分文理)	0244	湖南师范大学	101	舞台剧(专业统考)	549.2	308	241	109	79	95	
艺术类(本科批)	艺术类(不分文理)	0247	广州美术学院	103	舞台剧(专业统考)	593.1	325	268	120	84	98	
艺术类(本科批)	艺术类(不分文理)	0250	广西艺术学院	101	舞台剧(专业统考)	521.7	292	229	100	74	90	
艺术类(本科批)	艺术类(不分文理)	0253	四川美术学院	102	舞台剧(专业统考)	597.4	327	270	121	85	98	
艺术类(本科批)	艺术类(不分文理)	0256	云南艺术学院	101	舞台剧(专业统考)	515.8	288	227	97	72	89	
艺术类(本科批)	艺术类(不分文理)	0259	西安美术学院	104	舞台剧(专业统考)	584.9	320	264	118	82	96	
艺术类(本科批)	艺术类(不分文理)	0203	河北传媒学院	101	舞台剧(专业统考)	580.3	315	265	118	80	96	
艺术类(本科批)	艺术类(不分文理)	0205	河北美术学院	101	舞台剧(专业统考)	512.6	286	226	96	72	88	
艺术类(本科批)	艺术类(不分文理)	0208	吉林动画学院	102	舞台剧(专业统考)	498.4	278	220	92	68	85	
艺术类(本科批)	艺术类(不分文理)	0211	黑龙江大学	101	舞台剧(专业统考)	535.0	302	233	105	77	93	
艺术类(本科批)	艺术类(不分文理)	0214	南京艺术学院	103	舞台剧(专业统考)	601.2	330	271	121	85	99	
艺术类(本科批)	艺术类(不分文理)	0217	苏州科技大学	101	舞台剧(专业统考)	540.7	305	235	107	79	94	
艺术类(本科批)	艺术类(不分文理)	0220	浙江传媒学院	104	舞台剧(专业统考)	575.5	312	263	116	81	95	
艺术类(本科批)	艺术类(不分文理)	0223	中国美术学院	101	舞台剧(专业统考)	612.8	336	276	123	88	101	
艺术类(本科批)	艺术类(不分文理)	0226	安徽师范大学	102	舞台剧(专业统考)	528.1	296	232	102	75	91	
艺术类(本科批)	艺术类(不分文理)	0229	福建师范大学	101	舞台剧(专业统考)	533.9	300	233	104	76	92	
艺术类(本科批)	艺术类(不分文理)	0232	江西师范大学	101	舞台剧(专业统考)	519.4	291	228	99	73	90	
艺术类(本科批)	艺术类(不分文理)	0235	山东艺术学院	105	舞台剧(专业统考)	566.0	310	256	113	80	94	
艺术类(本科批)	艺术类(不分文理)	0238	郑州大学	101	舞台剧(专业统考)	545.3	307	238	108	78	95	
艺术类(本科批)	艺术类(不分文理)	0241	武汉音乐学院	102	舞台剧(专业统考)	588.6	322	266	119	83	97	
艺术类(本科批)	艺术类(不分文理)	0244	湖南师范大学	101	舞台剧(专业统考)	549.2	308	241	109	79	95	
艺术类(本科批)	艺术类(不分文理)	0247	广州美术学院	103	舞台剧(专业统考)	593.1	325	268	120	84	98	
艺术类(本科批)	艺术类(不分文理)	0250	广西艺术学院	101	舞台剧(专业统考)	521.7	292	229	100	74	90	
艺术类(本科批)	艺术类(不分文理)	0253	四川美术学院	102	舞台剧(专业统考)	597.4	327	270	121	85	98	
艺术类(本科批)	艺术类(不分文理)	0256	云南艺术学院	101	舞台剧(专业统考)	515.8	288	227	97	72	89	
艺术类(本科批)	艺术类(不分文理)	0259	西安美术学院	104	舞台剧(专业统考)	584.9	320	264	118	82	96	
艺术类(本科批)	艺术类(不分文理)	0203	河北传媒学院	101	舞台剧(专业统考)	580.3	315	265	118	80	96	
艺术类(本科批)	艺术类(不分文理)	0205	河北美术学院	101	舞台剧(专业统考)	512.6	286	226	96	72	88	
艺术类(本科批)	艺术类(不分文理)	0208	吉林动画学院	102	舞台剧(专业统考)	498.4	278	220	92	68	85	
艺术类(本科批)	艺术类(不分文理)	0211	黑龙江大学	101	舞台剧(专业统考)	535.0	302	233	105	77	93	
艺术类(本科批)	艺术类(不分文理)	0214	南京艺术学院	103	舞台剧(专业统考)	601.2	330	271	121	85	99	
艺术类(本科批)	艺术类(不分文理)	0217	苏州科技大学	101	舞台剧(专业统考)	540.7	305	235	107	79	94	
艺术类(本科批)	艺术类(不分文理)	0220	浙江传媒学院	104	舞台剧(专业统考)	575.5	312	263	116	81	95	
艺术类(本科批)	艺术类(不分文理)	0223	中国美术学院	101	舞台剧(专业统考)	612.8	336	276	123	88	101	
艺术类(本科批)	艺术类(不分文理)	0226	安徽师范大学	102	舞台剧(专业统考)	528.1	296	232	102	75	91	
艺术类(本科批)	艺术类(不分文理)	0229	福建师范大学	101	舞台剧(专业统考)	533.9	300	233	104	76	92	
艺术类(本科批)	艺术类(不分文理)	0232	江西师范大学	101	舞台剧(专业统考)	519.4	291	228	99	73	90	
艺术类(本科批)	艺术类(不分文理)	0235	山东艺术学院	105	舞台剧(专业统考)	566.0	310	256	113	80	94	
艺术类(本科批)	艺术类(不分文理)	0238	郑州大学	101	舞台剧(专业统考)	545.3	307	238	108	78	95	
艺术类(本科批)	艺术类(不分文理)	0241	武汉音乐学院	102	舞台剧(专业统考)	588.6	322	266	119	83	97	
艺术类(本科批)	艺术类(不分文理)	0244	湖南师范大学	101	舞台剧(专业统考)	549.2	308	241	109	79	95	
艺术类(本科批)	艺术类(不分文理)	0247	广州美术学院	103	舞台剧(专业统考)	593.1	325	268	120	84	98	
艺术类(本科批)	艺术类(不分文理)	0250	广西艺术学院	101	舞台剧(专业统考)	521.7	292	229	100	74	90	
艺术类(本科批)	艺术类(不分文理)	0253	四川美术学院	102	舞台剧(专业统考)	597.4	327	270	121	85	98	
艺术类(本科批)	艺术类(不分文理)	0256	云南艺术学院	101	舞台剧(专业统考)	515.8	288	227	97	72	89	
艺术类(本科批)	艺术类(不分文理)	0259	西安美术学院	104	舞台剧(专业统考)	584.9	320	264	118	82	96	
艺术类(本科批)	艺术类(不分文理)	0203	河北传媒学院	101	舞台剧(专业统考)	580.3	315	265	118	80	96	
艺术类(本科批)	艺术类(不分文理)	0205	河北美术学院	101	舞台剧(专业统考)	512.6	286	226	96	72	88	
艺术类(本科批)	艺术类(不分文理)	0208	吉林动画学院	102	舞台剧(专业统考)	498.4	278	220	92	68	85	
艺术类(本科批)	艺术类(不分文理)	0211	黑龙江大学	101	舞台剧(专业统考)	535.0	302	233	105	77	93	
艺术类(本科批)	艺术类(不分文理)	0214	南京艺术学院	103	舞台剧(专业统考)	601.2	330	271	121	85	99	
艺术类(本科批)	艺术类(不分文理)	0217	苏州科技大学	101	舞台剧(专业统考)	540.7	305	235	107	79	94	
艺术类(本科批)	艺术类(不分文理)	0220	浙江传媒学院	104	舞台剧(专业统考)	575.5	312	263	116	81	95	
艺术类(本科批)	艺术类(不分文理)	0223	中国美术学院	101	舞台剧(专业统考)	612.8	336	276	123	88	101	
艺术类(本科批)	艺术类(不分文理)	0226	安徽师范大学	102	舞台剧(专业统考)	528.1	296	232	102	75	91	
艺术类(本科批)	艺术类(不分文理)	0229	福建师范大学	101	舞台剧(专业统考)	533.9	300	233	104	76	92	
艺术类(本科批)	艺术类(不分文理)	0232	江西师范大学	101	舞台剧(专业统考)	519.4	291	228	99	73	90	
艺术类(本科批)	艺术类(不分文理)	0235	山东艺术学院	105	舞台剧(专业统考)	566.0	310	256	113	80	94	
艺术类(本科批)	艺术类(不分文理)	0238	郑州大学	101	舞台剧(专业统考)	545.3	307	238	108	78	95	
艺术类(本科批)	艺术类(不分文理)	0241	武汉音乐学院	102	舞台剧(专业统考)	588.6	322	266	119	83	97	
艺术类(本科批)	艺术类(不分文理)	0244	湖南师范大学	101	舞台剧(专业统考)	549.2	308	241	109	79	95	
艺术类(本科批)	艺术类(不分文理)	0247	广州美术学院	103	舞台剧(专业统考)	593.1	325	268	120	84	98	
艺术类(本科批)	艺术类(不分文理)	0250	广西艺术学院	101	舞台剧(专业统考)	521.7	292	229	100	74	90	
艺术类(本科批)	艺术类(不分文理)	0253	四川美术学院	102	舞台剧(专业统考)	597.4	327	270	121	85	98	
艺术类(本科批)	艺术类(不分文理)	0256	云南艺术学院	101	舞台剧(专业统考)	515.8	288	227	97	72	89	
艺术类(本科批)	艺术类(不分文理)	0259	西安美术学院	104	舞台剧(专业统考)	584.9	320	264	118	82	96	
艺术类(本科批)	艺术类(不分文理)	0203	河北传媒学院	101	舞台剧(专业统考)	580.3	315	265	118	80	96	
艺术类(本科批)	艺术类(不分文理)	0205	河北美术学院	101	舞台剧(专业统考)	512.6	286	226	96	72	88	
艺术类(本科批)	艺术类(不分文理)	0208	吉林动画学院	102	舞台剧(专业统考)	498.4	278	220	92	68	85	
艺术类(本科批)	艺术类(不分文理)	0211	黑龙江大学	101	舞台剧(专业统考)	535.0	302	233	105	77	93	
艺术类(本科批)	艺术类(不分文理)	0214	南京艺术学院	103	舞台剧(专业统考)	601.2	330	271	121	85	99	
艺术类(本科批)	艺术类(不分文理)	0217	苏州科技大学	101	舞台剧(专业统考)	540.7	305	235	107	79	94	
艺术类(本科批)	艺术类(不分文理)	0220	浙江传媒学院	104	舞台剧(专业统考)	575.5	312	263	116	81	95	
艺术类(本科批)	艺术类(不分文理)	0223	中国美术学院	101	舞台剧(专业统考)	612.8	336	276	123	88	101	
艺术类(本科批)	艺术类(不分文理)	0226	安徽师范大学	102	舞台剧(专业统考)	528.1	296	232	102	75	91	
艺术类(本科批)	艺术类(不分文理)	0229	福建师范大学	101	舞台剧(专业统考)	533.9	300	233	104	76	92	
艺术类(本科批)	艺术类(不分文理)	0232	江西师范大学	101	舞台剧(专业统考)	519.4	291	228	99	73	90	
艺术类(本科批)	艺术类(不分文理)	0235	山东艺术学院	105	舞台剧(专业统考)	566.0	310	256	113	80	94	
艺术类(本科批)	艺术类(不分文理)	0238	郑州大学	101	舞台剧(专业统考)	545.3	307	238	108	78	95	
艺术类(本科批)	艺术类(不分文理)	0241	武汉音乐学院	102	舞台剧(专业统考)	588.6	322	266	119	83	97	
艺术类(本科批)	艺术类(不分文理)	0244	湖南师范大学	101	舞台剧(专业统考)	549.2	308	241	109	79	95	
艺术类(本科批)	艺术类(不分文理)	0247	广州美术学院	103	舞台剧(专业统考)	593.1	325	268	120	84	98	
艺术类(本科批)	艺术类(不分文理)	0250	广西艺术学院	101	舞台剧(专业统考)	521.7	292	229	100	74	90	
艺术类(本科批)	艺术类(不分文理)	0253	四川美术学院	102	舞台剧(专业统考)	597.4	327	270	121	85	98	
艺术类(本科批)	艺术类(不分文理)	0256	云南艺术学院	101	舞台剧(专业统考)	515.8	288	227	97	72	89	
艺术类(本科批)	艺术类(不分文理)	0259	西安美术学院	104	舞台剧(专业统考)	584.9	320	264	118	82	96	
艺术类(本科批)	艺术类(不分文理)	0203	河北传媒学院	101	舞台剧(专业统考)	580.3	315	265	118	80	96	
艺术类(本科批)	艺术类(不分文理)	0205	河北美术学院	101	舞台剧(专业统考)	512.6	286	226	96	72	88	
艺术类(本科批)	艺术类(不分文理)	0208	吉林动画学院	102	舞台剧(专业统考)	498.4	278	220	92	68	85	
艺术类(本科批)	艺术类(不分文理)	0211	黑龙江大学	101	舞台剧(专业统考)	535.0	302	233	105	77	93	
艺术类(本科批)	艺术类(不分文理)	0214	南京艺术学院	103	舞台剧(专业统考)	601.2	330	271	121	85	99	
艺术类(本科批)	艺术类(不分文理)	0217	苏州科技大学	101	舞台剧(专业统考)	540.7	305	235	107	79	94	
艺术类(本科批)	艺术类(不分文理)	0220	浙江传媒学院	104	舞台剧(专业统考)	575.5	312	263	116	81	95	
艺术类(本科批)	艺术类(不分文理)	0223	中国美术学院	101	舞台剧(专业统考)	612.8	336	276	123	88	101	
艺术类(本科批)	艺术类(不分文理)	0226	安徽师范大学	102	舞台剧(专业统考)	528.1	296	232	102	75	91	
艺术类(本科批)	艺术类(不分文理)	0229	福建师范大学	101	舞台剧(专业统考)	533.9	300	233	104	76	92	
艺术类(本科批)	艺术类(不分文理)	0232	江西师范大学	101	舞台剧(专业统考)	519.4	291	228	99	73	90	
艺术类(本科批)	艺术类(不分文理)	0235	山东艺术学院	105	舞台剧(专业统考)	566.0	310	256	113	80	94	
艺术类(本科批)	艺术类(不分文理)	0238	郑州大学	101	舞台剧(专业统考)	545.3	307	238	108	78	95	
艺术类(本科批)	艺术类(不分文理)	0241	武汉音乐学院	102	舞台剧(专业统考)	588.6	322	266	119	83	97	
艺术类(本科批)	艺术类(不分文理)	0244	湖南师范大学	101	舞台剧(专业统考)	549.2	308	241	109	79	95	
艺术类(本科批)	艺术类(不分文理)	0247	广州美术学院	103	舞台剧(专业统考)	593.1	325	268	120	84	98	
艺术类(本科批)	艺术类(不分文理)	0250	广西艺术学院	101	舞台剧(专业统考)	521.7	292	229	100	74	90	
艺术类(本科批)	艺术类(不分文理)	0253	四川美术学院	102	舞台剧(专业统考)	597.4	327	270	121	85	98	
艺术类(本科批)	艺术类(不分文理)	0256	云南艺术学院	101	舞台剧(专业统考)	515.8	288	227	97	72	89	
艺术类(本科批)	艺术类(不分文理)	0259	西安美术学院	104	舞台剧(专业统考)	584.9	320	264	118	82	96	
艺术类(本科批)	艺术类(不分文理)	0203	河北传媒学院	101	舞台剧(专业统考)	580.3	315	265	118	80	96	
艺术类(本科批)	艺术类(不分文理)	0205	河北美术学院	101	舞台剧(专业统考)	512.6	286	226	96	72	88	
艺术类(本科批)	艺术类(不分文理)	0208	吉林动画学院	102	舞台剧(专业统考)	498.4	278	220	92	68	85	
艺术类(本科批)	艺术类(不分文理)	0211	黑龙江大学	101	舞台剧(专业统考)	535.0	302	233	105	77	93	
艺术类(本科批)	艺术类(不分文理)	0214	南京艺术学院	103	舞台剧(专业统考)	601.2	330	271	121	85	99	
艺术类(本科批)	艺术类(不分文理)	0217	苏州科技大学	101	舞台剧(专业统考)	540.7	305	235	107	79	94	
艺术类(本科批)	艺术类(不分文理)	0220	浙江传媒学院	104	舞台剧(专业统考)	575.5	312	263	116	81	95	
艺术类(本科批)	艺术类(不分文理)	0223	中国美术学院	101	舞台剧(专业统考)	612.8	336	276	123	88	101	
艺术类(本科批)	艺术类(不分文理)	0226	安徽师范大学	102	舞台剧(专业统考)	528.1	296	232	102	75	91	
艺术类(本科批)	艺术类(不分文理)	0229	福建师范大学	101	舞台剧(专业统考)	533.9	300	233	104	76	92	
艺术类(本科批)	艺术类(不分文理)	0232	江西师范大学	101	舞台剧(专业统考)	519.4	291	228	99	73	90	
艺术类(本科批)	艺术类(不分文理)	0235	山东艺术学院	105	舞台剧(专业统考)	566.0	310	256	113	80	94	
艺术类(本科批)	艺术类(不分文理)	0238	郑州大学	101	舞台剧(专业统考)	545.3	307	238	108	78	95	
艺术类(本科批)	艺术类(不分文理)	0241	武汉音乐学院	102	舞台剧(专业统考)	588.6	322	266	119	83	97	
艺术类(本科批)	艺术类(不分文理)	0244	湖南师范大学	101	舞台剧(专业统考)	549.2	308	241	109	79	95	
艺术类(本科批)	艺术类(不分文理)	0247	广州美术学院	103	舞台剧(专业统考)	593.1	325	268	120	84	98	
艺术类(本科批)	艺术类(不分文理)	0250	广西艺术学院	101	舞台剧(专业统考)	521.7	292	229	100	74	90	
艺术类(本科批)	艺术类(不分文理)	0253	四川美术学院	102	舞台剧(专业统考)	597.4	327	270	121	85	98	
艺术类(本科批)	艺术类(不分文理)	0256	云南艺术学院	101	舞台剧(专业统考)	515.8	288	227	97	72	89	
艺术类(本科批)	艺术类(不分文理)	0259	西安美术学院	104	舞台剧(专业统考)	584.9	320	264	118	82	96	
艺术类(本科批)	艺术类(不分文理)	0203	河北传媒学院	101	舞台剧(专业统考)	580.3	315	265	118	80	96	
艺术类(本科批)	艺术类(不分文理)	0205	河北美术学院	101	舞台剧(专业统考)	512.6	286	226	96	72	88	
艺术类(本科批)	艺术类(不分文理)	0208	吉林动画学院	102	舞台剧(专业统考)	498.4	278	220	92	68	85	
艺术类(本科批)	艺术类(不分文理)	0211	黑龙江大学	101	舞台剧(专业统考)	535.0	302	233	105	77	93	
艺术类(本科批)	艺术类(不分文理)	0214	南京艺术学院	103	舞台剧(专业统考)	601.2	330	271	121	85	99	
艺术类(本科批)	艺术类(不分文理)	0217	苏州科技大学	101	舞台剧(专业统考)	540.7	305	235	107	79	94	
艺术类(本科批)	艺术类(不分文理)	0220	浙江传媒学院	104	舞台剧(专业统考)	575.5	312	263	116	81	95	
艺术类(本科批)	艺术类(不分文理)	0223	中国美术学院	101	舞台剧(专业统考)	612.8	336	276	123	88	101	
艺术类(本科批)	艺术类(不分文理)	0226	安徽师范大学	102	舞台剧(专业统考)	528.1	296	232	102	75	91	
艺术类(本科批)	艺术类(不分文理)	0229	福建师范大学	101	舞台剧(专业统考)	533.9	300	233	104	76	92	
艺术类(本科批)	艺术类(不分文理)	0232	江西师范大学	101	舞台剧(专业统考)	519.4	291	228	99	73	90	
艺术类(本科批)	艺术类(不分文理)	0235	山东艺术学院	105	舞台剧(专业统考)	566.0	310	256	113	80	94	
艺术类(本科批)	艺术类(不分文理)	0238	郑州大学	101	舞台剧(专业统考)	545.3	307	238	108	78	95	
艺术类(本科批)	艺术类(不分文理)	0241	武汉音乐学院	102	舞台剧(专业统考)	588.6	322	266	119	83	97	
艺术类(本科批)	艺术类(不分文理)	0244	湖南师范大学	101	舞台剧(专业统考)	549.2	308	241	109	79	95	
艺术类(本科批)	艺术类(不分文理)	0247	广州美术学院	103	舞台剧(专业统考)	593.1	325	268	120	84	98	
艺术类(本科批)	艺术类(不分文理)	0250	广西艺术学院	101	舞台剧(专业统考)	521.7	292	229	100	74	90	
艺术类(本科批)	艺术类(不分文理)	0253	四川美术学院	102	舞台剧(专业统考)	597.4	327	270	121	85	98	
艺术类(本科批)	艺术类(不分文理)	0256	云南艺术学院	101	舞台剧(专业统考)	515.8	288	227	97	72	89	
艺术类(本科批)	艺术类(不分文理)	0259	西安美术学院	104	舞台剧(专业统考)	584.9	320	264	118	82	96	
艺术类(本科批)	艺术类(不分文理)	0203	河北传媒学院	101	舞台剧(专业统考)	580.3	315	265	118	80	96	
艺术类(本科批)	艺术类(不分文理)	0205	河北美术学院	101	舞台剧(专业统考)	512.6	286	226	96	72	88	
艺术类(本科批)	艺术类(不分文理)	0208	吉林动画学院	102	舞台剧(专业统考)	498.4	278	220	92	68	85	
艺术类(本科批)	艺术类(不分文理)	0211	黑龙江大学	101	舞台剧(专业统考)	535.0	302	233	105	77	93	
艺术类(本科批)	艺术类(不分文理)	0214	南京艺术学院	103	舞台剧(专业统考)	601.2	330	271	121	85	99	
艺术类(本科批)	艺术类(不分文理)	0217	苏州科技大学	101	舞台剧(专业统考)	540.7	305	235	107	79	94	
艺术类(本科批)	艺术类(不分文理)	0220	浙江传媒学院	104	舞台剧(专业统考)	575.5	312	263	116	81	95	
艺术类(本科批)	艺术类(不分文理)	0223	中国美术学院	101	舞台剧(专业统考)	612.8	336	276	123	88	101	
艺术类(本科批)	艺术类(不分文理)	0226	安徽师范大学	102	舞台剧(专业统考)	528.1	296	232	102	75	91	
艺术类(本科批)	艺术类(不分文理)	0229	福建师范大学	101	舞台剧(专业统考)	533.9	300	233	104	76	92	
艺术类(本科批)	艺术类(不分文理)	0232	江西师范大学	101	舞台剧(专业统考)	519.4	291	228	99	73	90	
艺术类(本科批)	艺术类(不分文理)	0235	山东艺术学院	105	舞台剧(专业统考)	566.0	310	256	113	80	94	
艺术类(本科批)	艺术类(不分文理)	0238	郑州大学	101	舞台剧(专业统考)	545.3	307	238	108	78	95	
艺术类(本科批)	艺术类(不分文理)	0241	武汉音乐学院	102	舞台剧(专业统考)	588.6	322	266	119	83	97	
艺术类(本科批)	艺术类(不分文理)	0244	湖南师范大学	101	舞台剧(专业统考)	549.2	308	241	109	79	95	
艺术类(本科批)	艺术类(不分文理)	0247	广州美术学院	103	舞台剧(专业统考)	593.1	325	268	120	84	98	
艺术类(本科批)	艺术类(不分文理)	0250	广西艺术学院	101	舞台剧(专业统考)	521.7	292	229	100	74	90	
艺术类(本科批)	艺术类(不分文理)	0253	四川美术学院	102	舞台剧(专业统考)	597.4	327	270	121	85	98	
艺术类(本科批)	艺术类(不分文理)	0256	云南艺术学院	101	舞台剧(专业统考)	515.8	288	227	97	72	89	
艺术类(本科批)	艺术类(不分文理)	0259	西安美术学院	104	舞台剧(专业统考)	584.9	320	264	118	82	96	
艺术类(本科批)	艺术类(不分文理)	0203	河北传媒学院	101	舞台剧(专业统考)	580.3	315	265	118	80	96	
艺术类(本科批)	艺术类(不分文理)	0205	河北美术学院	101	舞台剧(专业统考)	512.6	286	226	96	72	88	
艺术类(本科批)	艺术类(不分文理)	0208	吉林动画学院	102	舞台剧(专业统考)	498.4	278	220	92	68	85	
艺术类(本科批)	艺术类(不分文理)	0211	黑龙江大学	101	舞台剧(专业统考)	535.0	302	233	105	77	93	
艺术类(本科批)	艺术类(不分文理)	0214	南京艺术学院	103	舞台剧(专业统考)	601.2	330	271	121	85	99	
艺术类(本科批)	艺术类(不分文理)	0217	苏州科技大学	101	舞台剧(专业统考)	540.7	305	235	107	79	94	
艺术类(本科批)	艺术类(不分文理)	0220	浙江传媒学院	104	舞台剧(专业统考)	575.5	312	263	116	81	95	
艺术类(本科批)	艺术类(不分文理)	0223	中国美术学院	101	舞台剧(专业统考)	612.8	336	276	123	88	101	
艺术类(本科批)	艺术类(不分文理)	0226	安徽师范大学	102	舞台剧(专业统考)	528.1	296	232	102	75	91	
艺术类(本科批)	艺术类(不分文理)	0229	福建师范大学	101	舞台剧(专业统考)	533.9	300	233	104	76	92	
